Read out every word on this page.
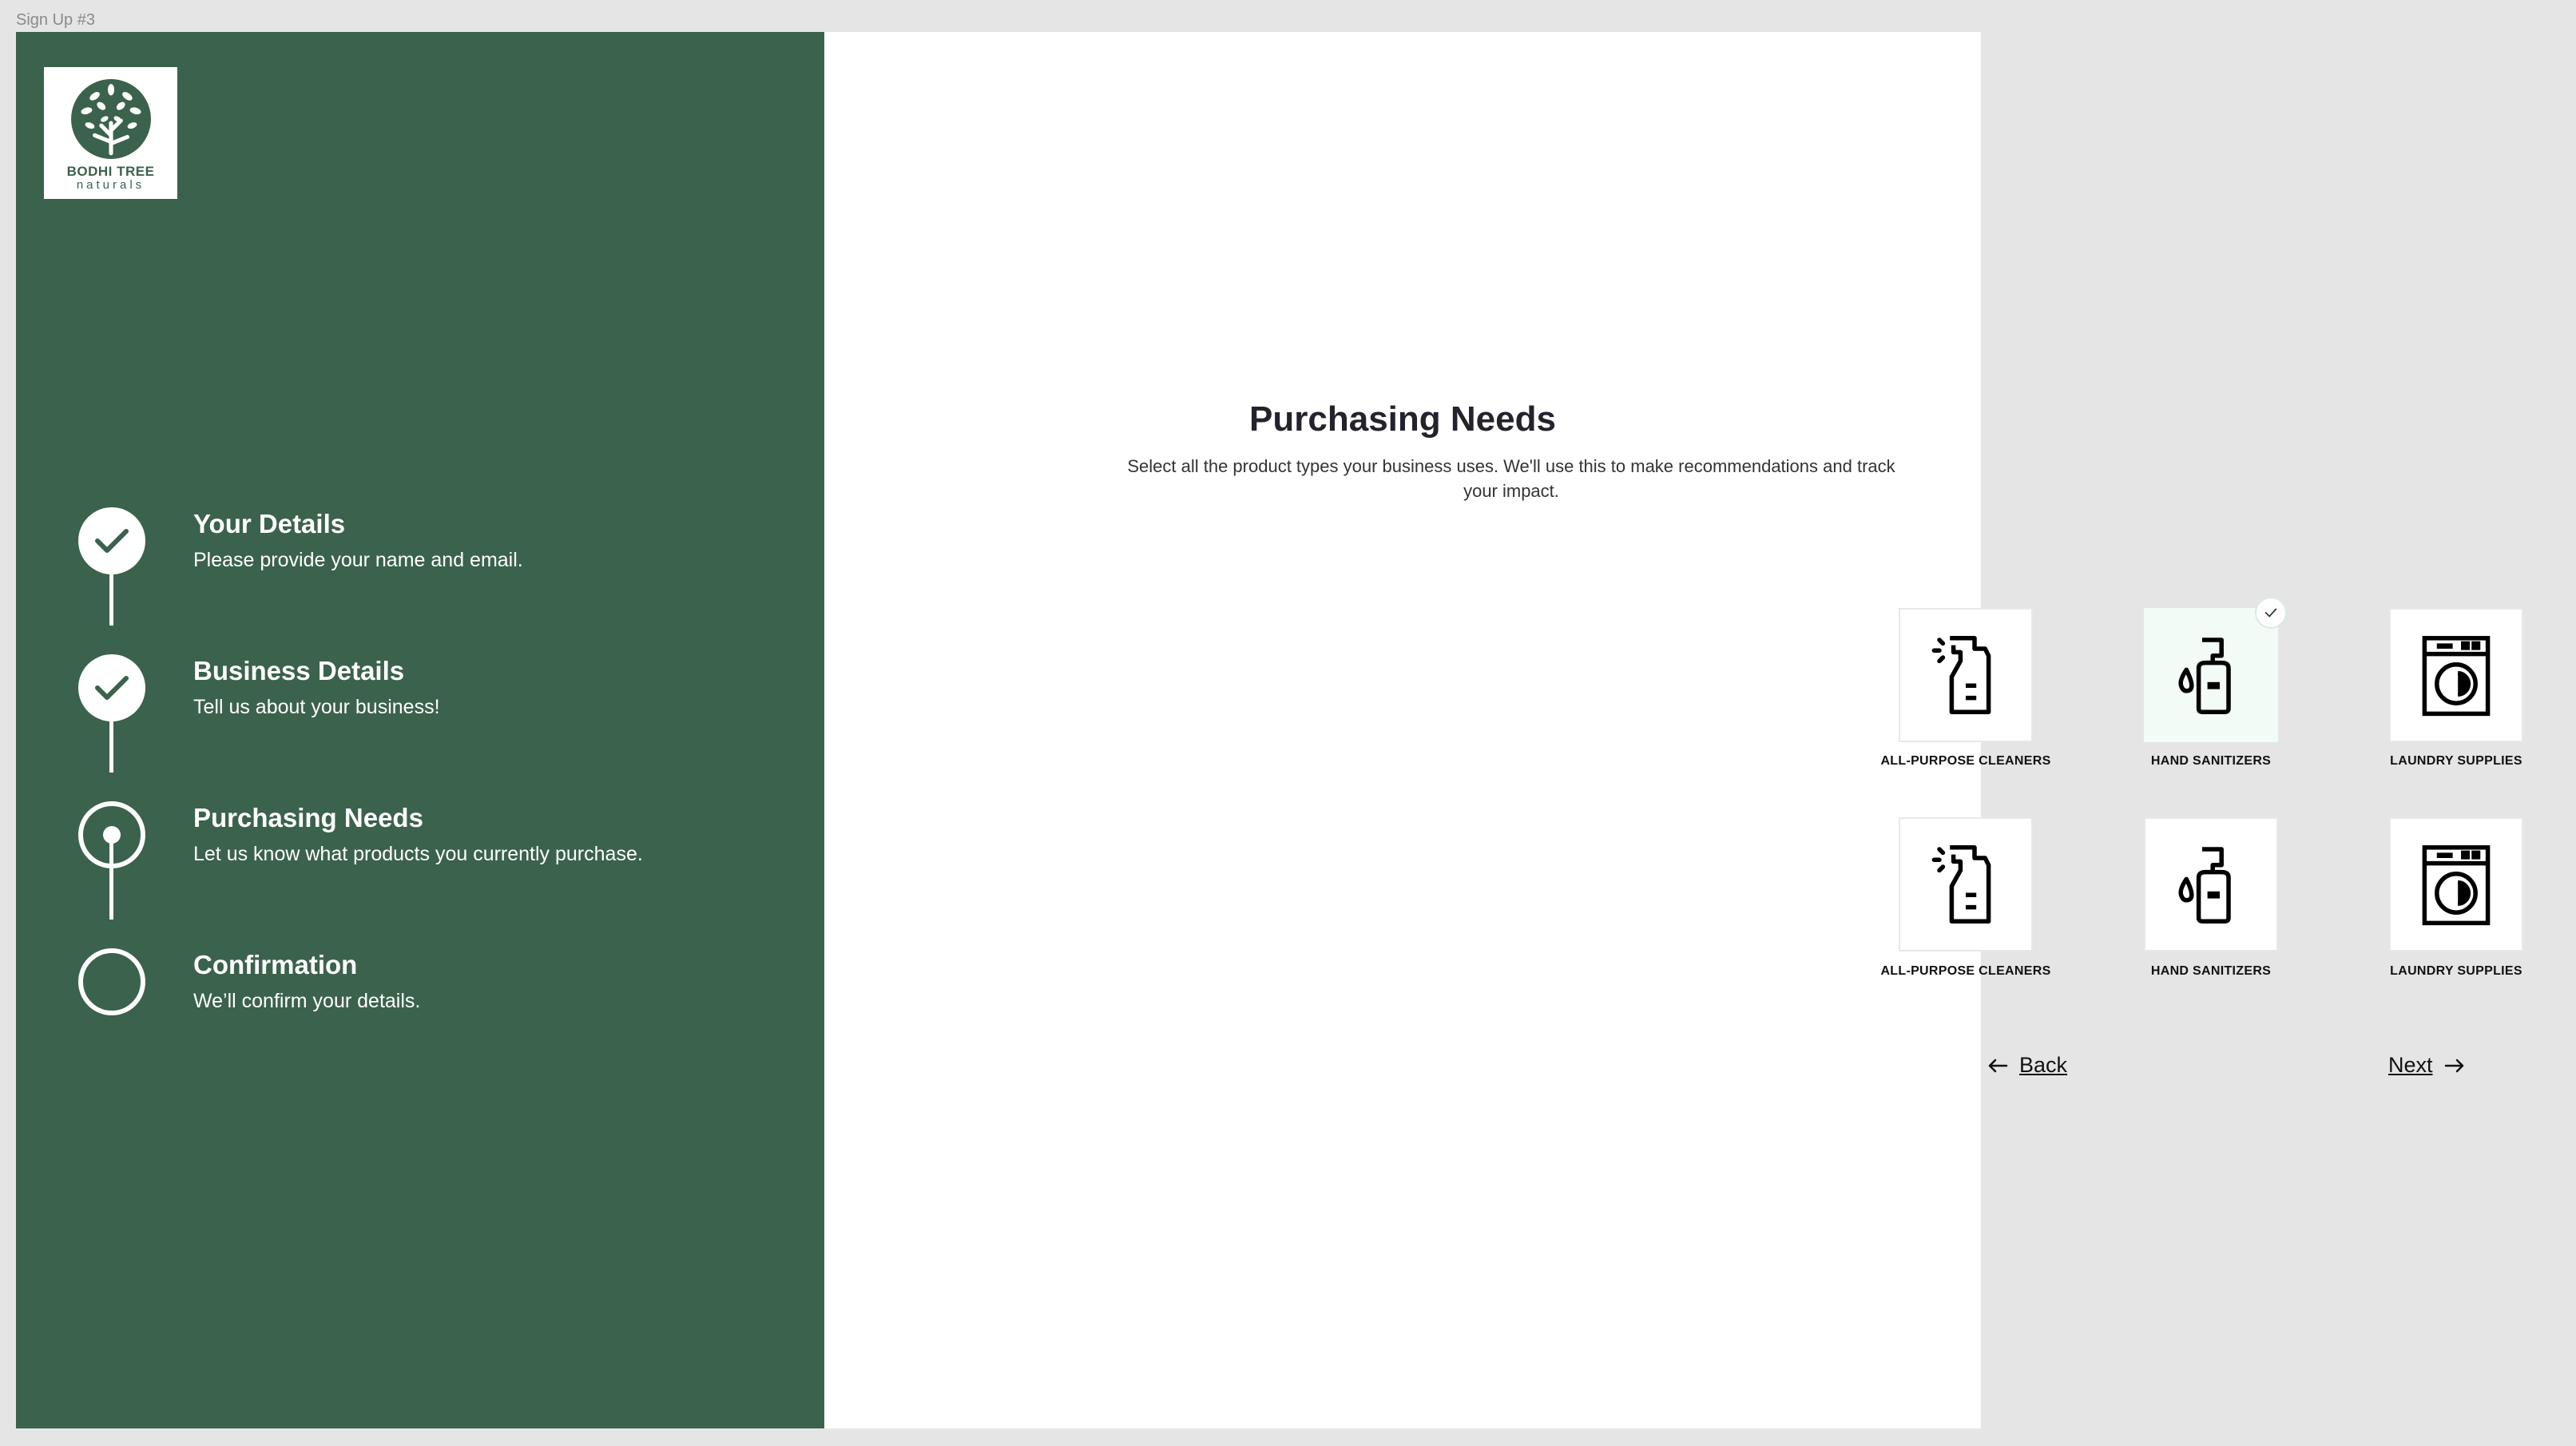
Sign Up #3
BODHI TREE
naturals
Your Details
Please provide your name and email.
Business Details
Tell us about your business!
Purchasing Needs
Let us know what products you currently purchase.
Confirmation
We’ll confirm your details.
Purchasing Needs
Select all the product types your business uses. We'll use this to make recommendations and track your impact.
ALL-PURPOSE CLEANERS	HAND SANITIZERS	LAUNDRY SUPPLIES
ALL-PURPOSE CLEANERS	HAND SANITIZERS	LAUNDRY SUPPLIES
Back	Next
